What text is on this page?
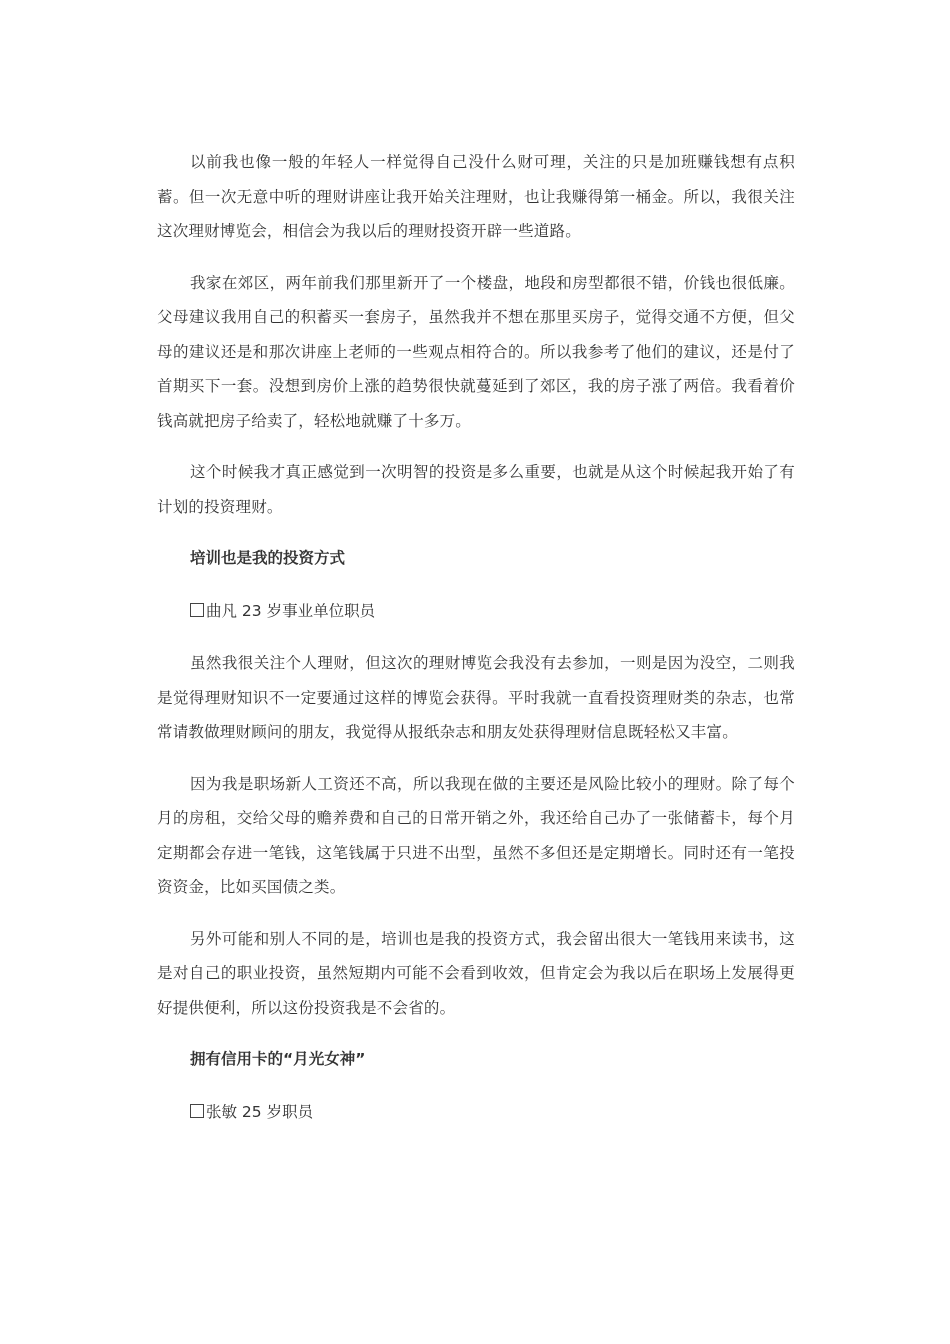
以前我也像一般的年轻人一样觉得自己没什么财可理，关注的只是加班赚钱想有点积蓄。但一次无意中听的理财讲座让我开始关注理财，也让我赚得第一桶金。所以，我很关注这次理财博览会，相信会为我以后的理财投资开辟一些道路。

我家在郊区，两年前我们那里新开了一个楼盘，地段和房型都很不错，价钱也很低廉。父母建议我用自己的积蓄买一套房子，虽然我并不想在那里买房子，觉得交通不方便，但父母的建议还是和那次讲座上老师的一些观点相符合的。所以我参考了他们的建议，还是付了首期买下一套。没想到房价上涨的趋势很快就蔓延到了郊区，我的房子涨了两倍。我看着价钱高就把房子给卖了，轻松地就赚了十多万。

这个时候我才真正感觉到一次明智的投资是多么重要，也就是从这个时候起我开始了有计划的投资理财。

培训也是我的投资方式

曲凡 23 岁事业单位职员

虽然我很关注个人理财，但这次的理财博览会我没有去参加，一则是因为没空，二则我是觉得理财知识不一定要通过这样的博览会获得。平时我就一直看投资理财类的杂志，也常常请教做理财顾问的朋友，我觉得从报纸杂志和朋友处获得理财信息既轻松又丰富。

因为我是职场新人工资还不高，所以我现在做的主要还是风险比较小的理财。除了每个月的房租，交给父母的赡养费和自己的日常开销之外，我还给自己办了一张储蓄卡，每个月定期都会存进一笔钱，这笔钱属于只进不出型，虽然不多但还是定期增长。同时还有一笔投资资金，比如买国债之类。

另外可能和别人不同的是，培训也是我的投资方式，我会留出很大一笔钱用来读书，这是对自己的职业投资，虽然短期内可能不会看到收效，但肯定会为我以后在职场上发展得更好提供便利，所以这份投资我是不会省的。

拥有信用卡的“月光女神”

张敏 25 岁职员
